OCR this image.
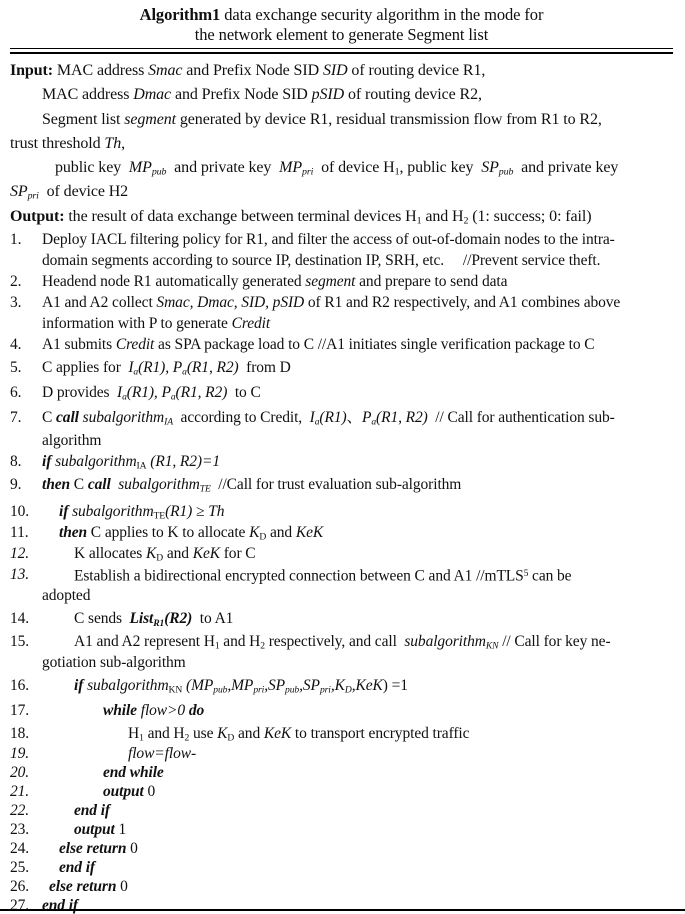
Algorithm1 data exchange security algorithm in the mode for
the network element to generate Segment list
Input: MAC address Smac and Prefix Node SID SID of routing device R1,
MAC address Dmac and Prefix Node SID pSID of routing device R2,
Segment list segment generated by device R1, residual transmission flow from R1 to R2,
trust threshold Th,
public key  MPpub  and private key  MPpri  of device H1, public key  SPpub  and private key
SPpri  of device H2
Output: the result of data exchange between terminal devices H1 and H2 (1: success; 0: fail)
1.	Deploy IACL filtering policy for R1, and filter the access of out-of-domain nodes to the intra-
domain segments according to source IP, destination IP, SRH, etc.     //Prevent service theft.
2.	Headend node R1 automatically generated segment and prepare to send data
3.	A1 and A2 collect Smac, Dmac, SID, pSID of R1 and R2 respectively, and A1 combines above
information with P to generate Credit
4.	A1 submits Credit as SPA package load to C //A1 initiates single verification package to C
5.	C applies for  Ia(R1), Pa(R1, R2)  from D
6.	D provides  Ia(R1), Pa(R1, R2)  to C
7.	C call subalgorithmIA  according to Credit,  Ia(R1)、Pa(R1, R2)  // Call for authentication sub-
algorithm
8.	if subalgorithmIA (R1, R2)=1
9.	then C call subalgorithmTE  //Call for trust evaluation sub-algorithm
10.	if subalgorithmTE(R1) ≥ Th
11.	then C applies to K to allocate KD and KeK
12.	K allocates KD and KeK for C
13.	Establish a bidirectional encrypted connection between C and A1 //mTLS$^5$ can be
adopted
14.	C sends  ListR1(R2)  to A1
15.	A1 and A2 represent H1 and H2 respectively, and call  subalgorithmKN // Call for key ne-
gotiation sub-algorithm
16.	if subalgorithmKN (MPpub,MPpri,SPpub,SPpri,KD,KeK) =1
17.	while flow>0 do
18.	H1 and H2 use KD and KeK to transport encrypted traffic
19.	flow=flow-
20.	end while
21.	output 0
22.	end if
23.	output 1
24.	else return 0
25.	end if
26.	else return 0
27. end if
